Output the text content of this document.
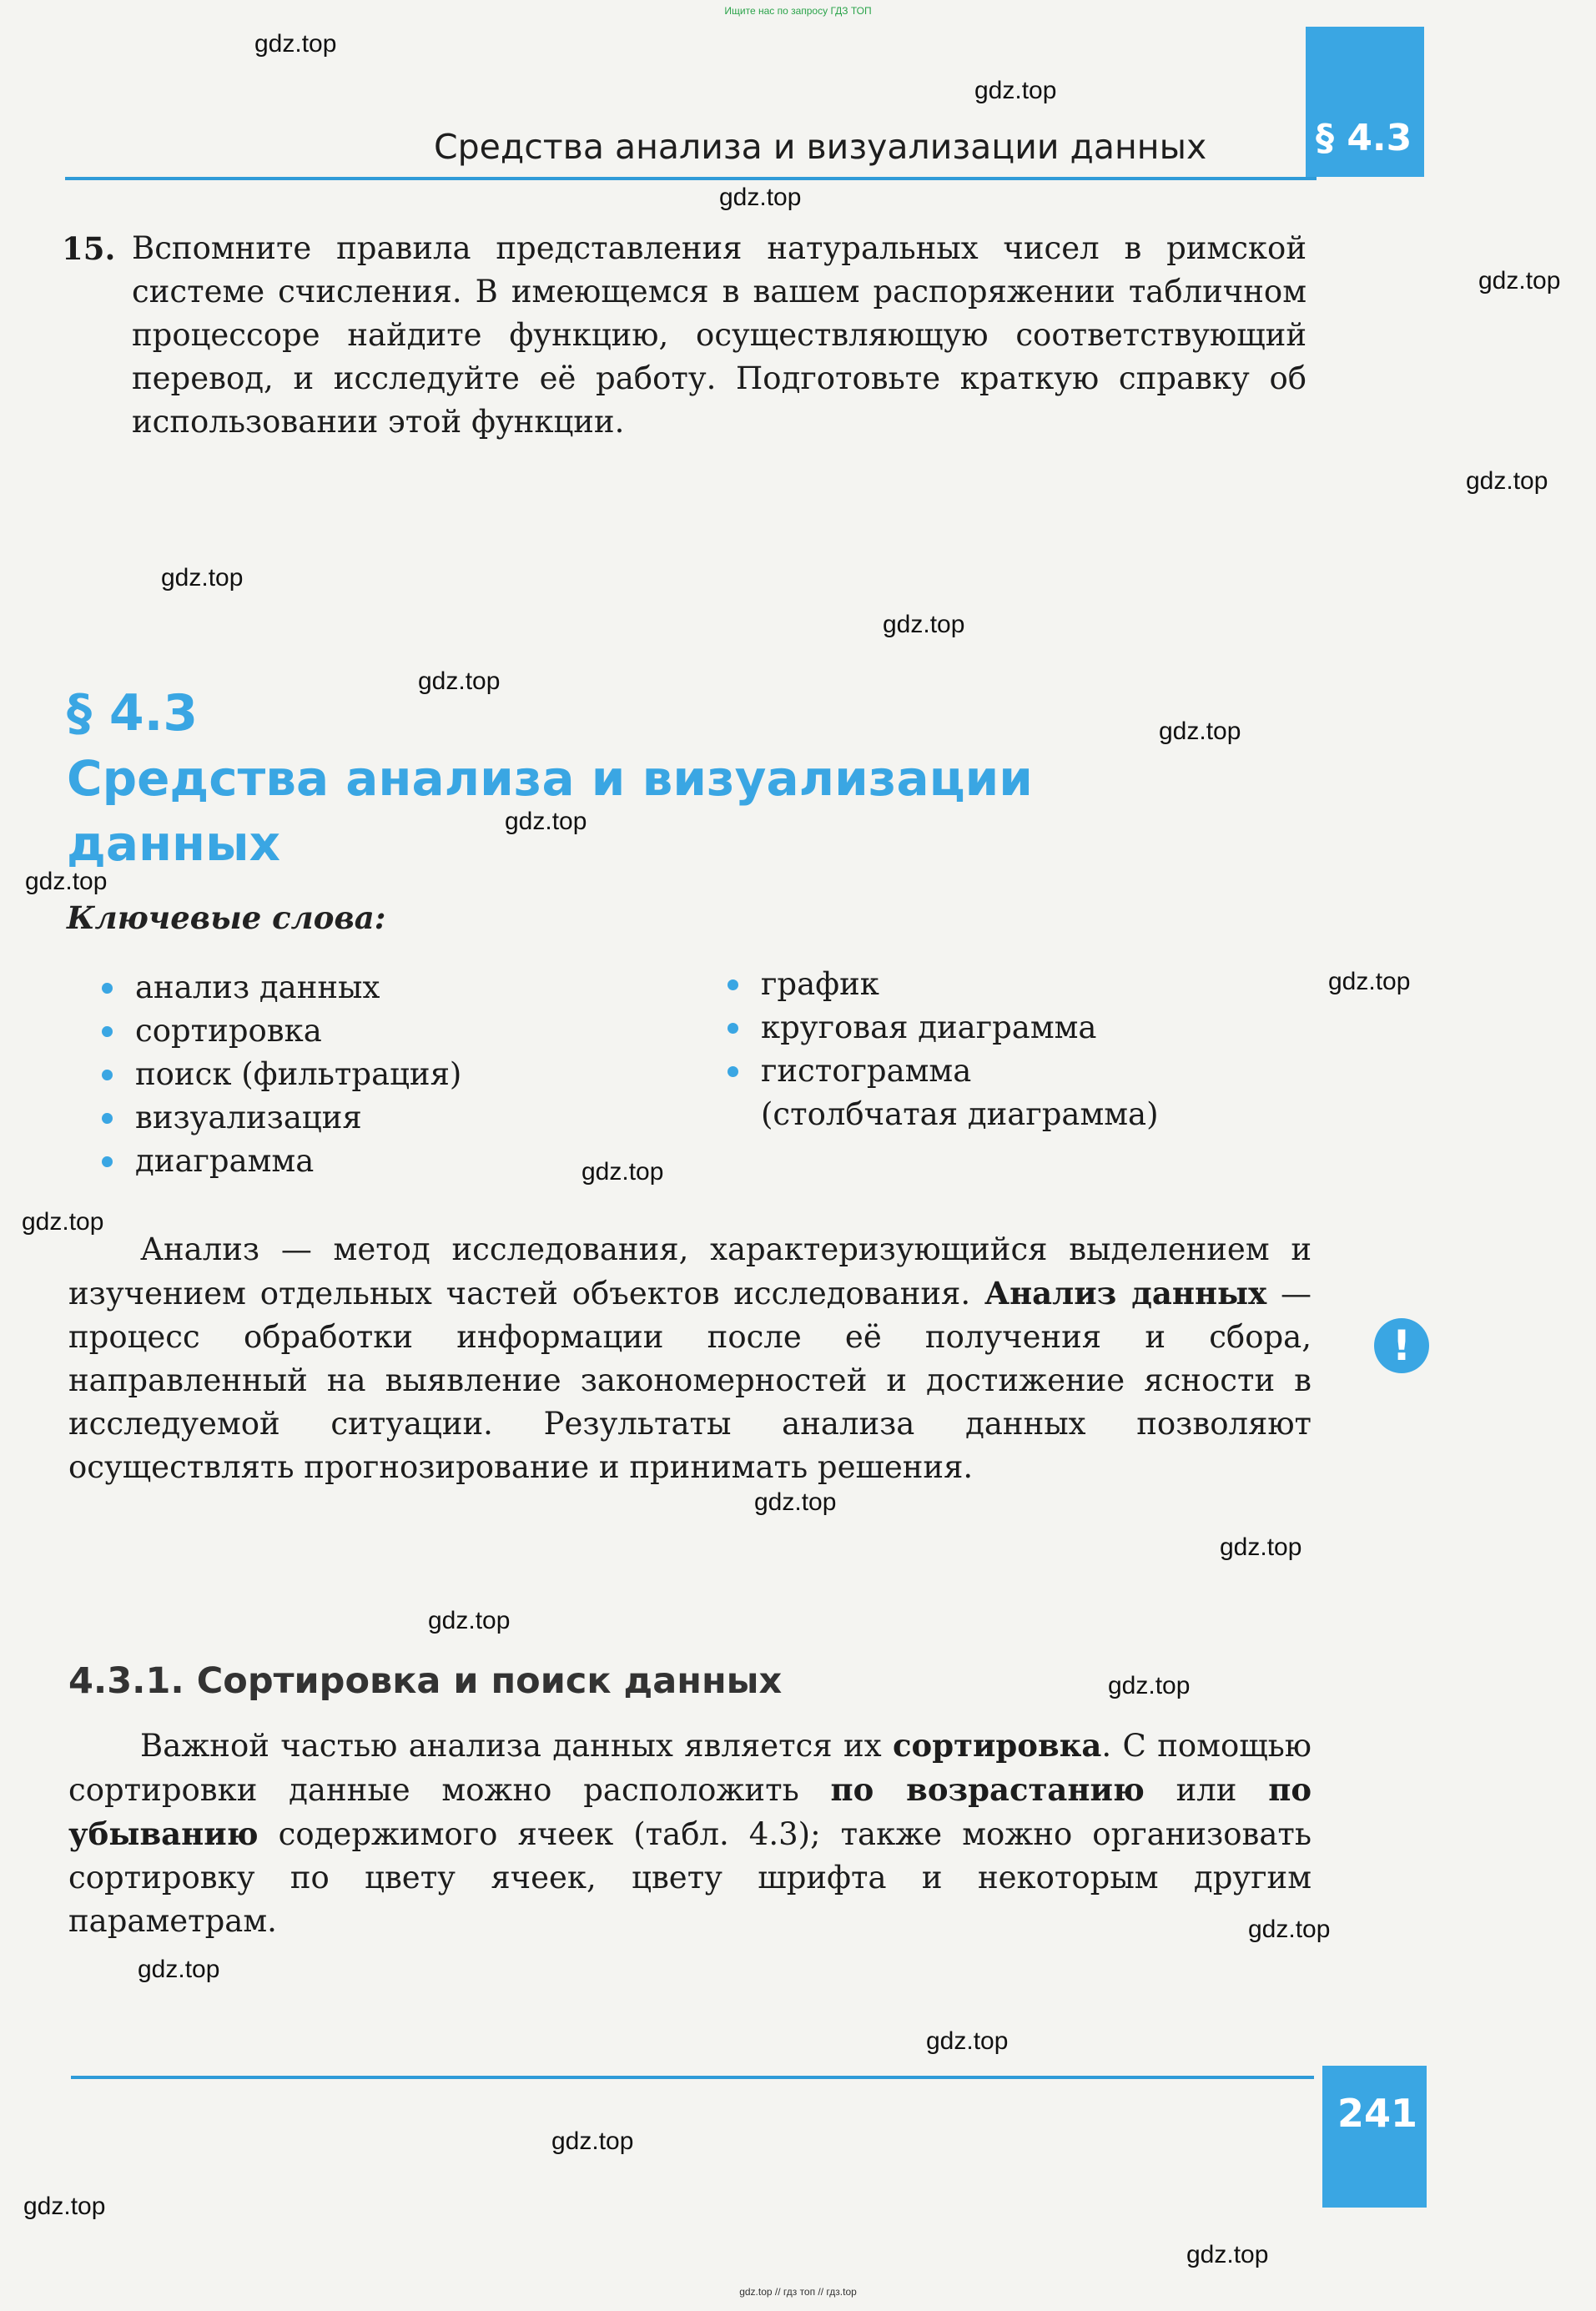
Ищите нас по запросу ГДЗ ТОП
Средства анализа и визуализации данных	§ 4.3
15. Вспомните правила представления натуральных чисел в римской системе счисления. В имеющемся в вашем распоряжении табличном процессоре найдите функцию, осуществляющую соответствующий перевод, и исследуйте её работу. Подготовьте краткую справку об использовании этой функции.
§ 4.3
Средства анализа и визуализации данных
Ключевые слова:
анализ данных
сортировка
поиск (фильтрация)
визуализация
диаграмма
график
круговая диаграмма
гистограмма
(столбчатая диаграмма)
Анализ — метод исследования, характеризующийся выделением и изучением отдельных частей объектов исследования. Анализ данных — процесс обработки информации после её получения и сбора, направленный на выявление закономерностей и достижение ясности в исследуемой ситуации. Результаты анализа данных позволяют осуществлять прогнозирование и принимать решения.
!
4.3.1. Сортировка и поиск данных
Важной частью анализа данных является их сортировка. С помощью сортировки данные можно расположить по возрастанию или по убыванию содержимого ячеек (табл. 4.3); также можно организовать сортировку по цвету ячеек, цвету шрифта и некоторым другим параметрам.
241
gdz.top
gdz.top
gdz.top
gdz.top
gdz.top
gdz.top
gdz.top
gdz.top
gdz.top
gdz.top
gdz.top
gdz.top
gdz.top
gdz.top
gdz.top
gdz.top
gdz.top
gdz.top
gdz.top
gdz.top
gdz.top
gdz.top
gdz.top
gdz.top
gdz.top // гдз топ // гдз.top
